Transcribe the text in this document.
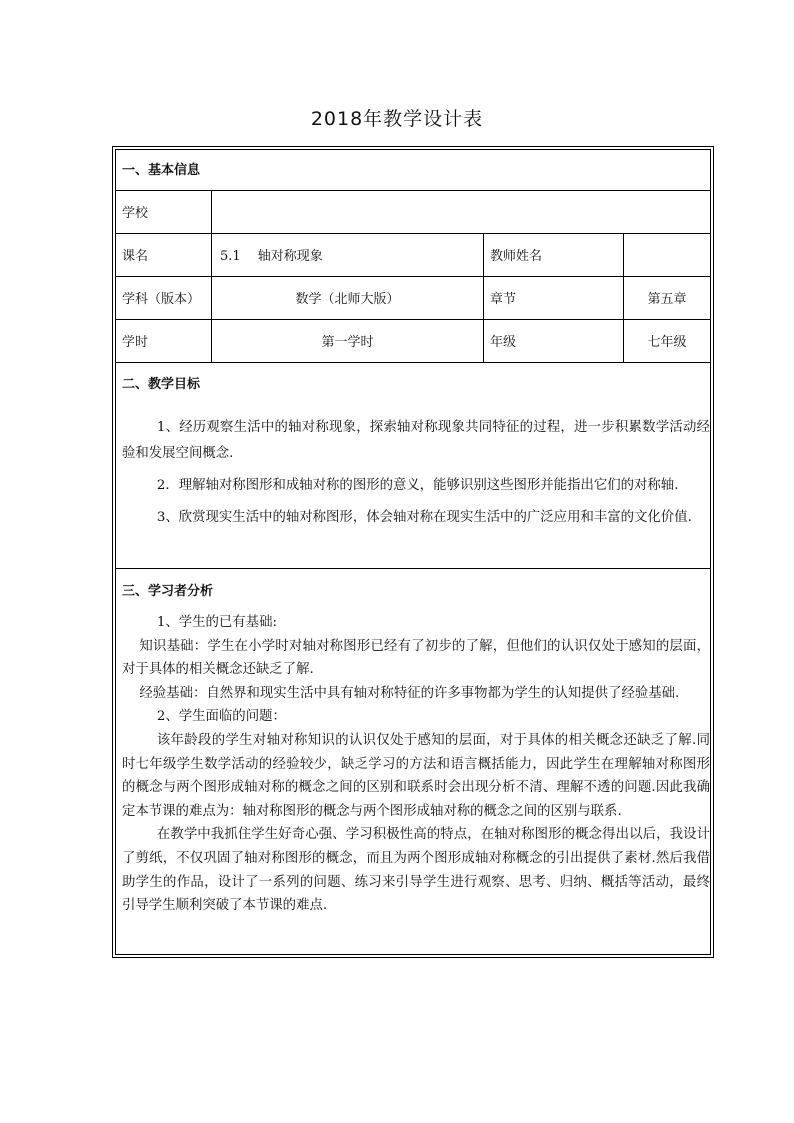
2018年教学设计表
一、基本信息
学校
课名	5.1　 轴对称现象	教师姓名
学科（版本）	数学（北师大版）	章节	第五章
学时	第一学时	年级	七年级
二、教学目标

1、经历观察生活中的轴对称现象，探索轴对称现象共同特征的过程，进一步积累数学活动经验和发展空间概念.

2．理解轴对称图形和成轴对称的图形的意义，能够识别这些图形并能指出它们的对称轴.

3、欣赏现实生活中的轴对称图形，体会轴对称在现实生活中的广泛应用和丰富的文化价值.

三、学习者分析

1、学生的已有基础:

知识基础：学生在小学时对轴对称图形已经有了初步的了解，但他们的认识仅处于感知的层面，对于具体的相关概念还缺乏了解.

经验基础：自然界和现实生活中具有轴对称特征的许多事物都为学生的认知提供了经验基础.

2、学生面临的问题：

该年龄段的学生对轴对称知识的认识仅处于感知的层面，对于具体的相关概念还缺乏了解.同时七年级学生数学活动的经验较少，缺乏学习的方法和语言概括能力，因此学生在理解轴对称图形的概念与两个图形成轴对称的概念之间的区别和联系时会出现分析不清、理解不透的问题.因此我确定本节课的难点为：轴对称图形的概念与两个图形成轴对称的概念之间的区别与联系.

在教学中我抓住学生好奇心强、学习积极性高的特点，在轴对称图形的概念得出以后，我设计了剪纸，不仅巩固了轴对称图形的概念，而且为两个图形成轴对称概念的引出提供了素材.然后我借助学生的作品，设计了一系列的问题、练习来引导学生进行观察、思考、归纳、概括等活动，最终引导学生顺利突破了本节课的难点.
